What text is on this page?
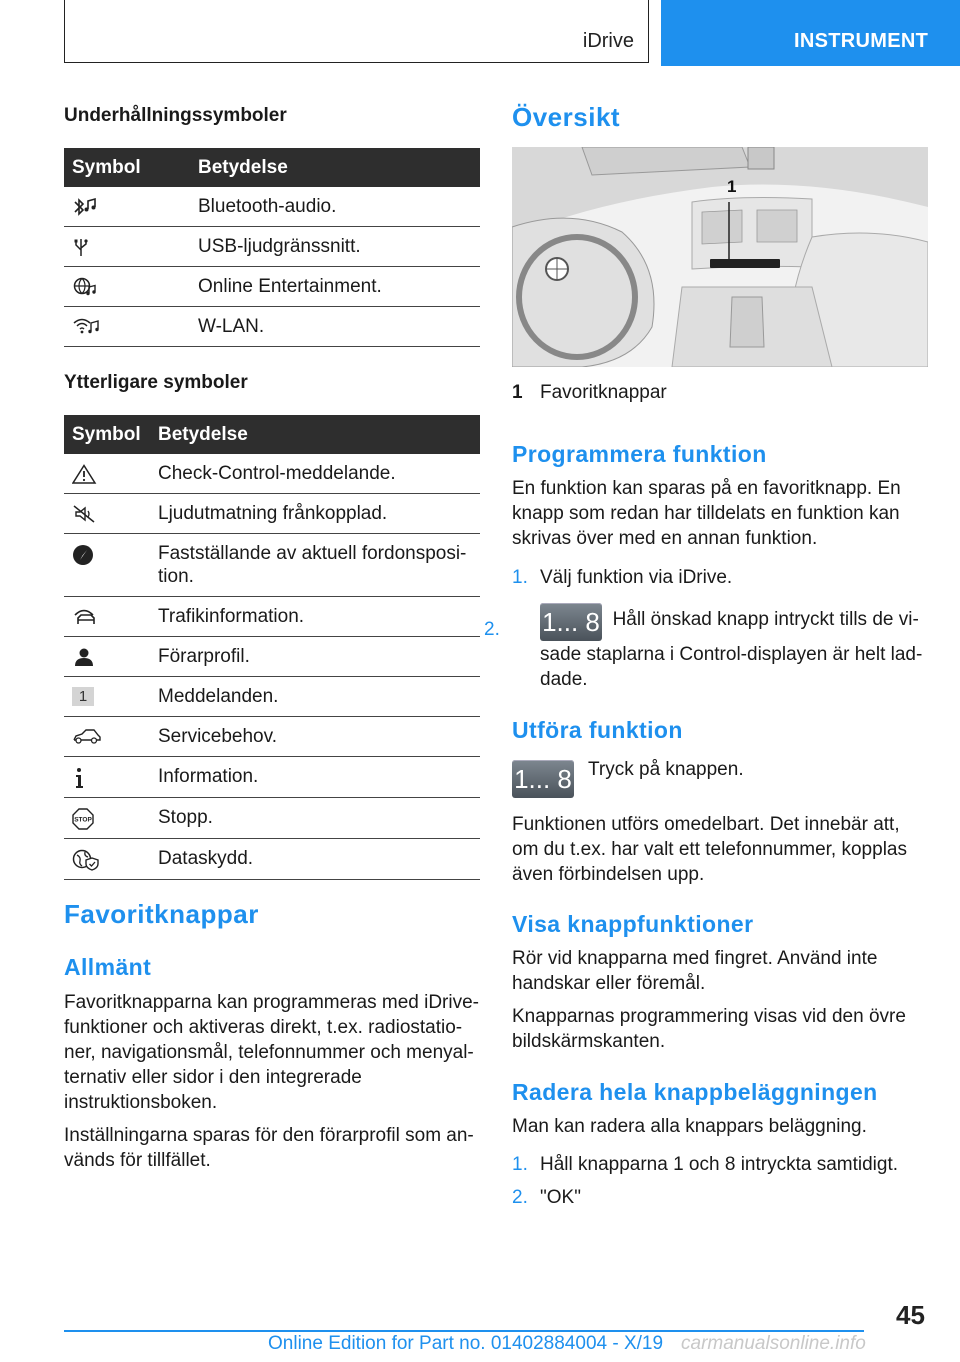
iDrive	INSTRUMENT
Underhållningssymboler
Symbol	Betydelse

	Bluetooth-audio.

	USB-ljudgränssnitt.

	Online Entertainment.

	W-LAN.
Ytterligare symboler
Symbol	Betydelse

	Check-Control-meddelande.

	Ljudutmatning frånkopplad.

	Fastställande av aktuell fordonsposi‐
tion.

	Trafikinformation.

	Förarprofil.

1	Meddelanden.

	Servicebehov.

	Information.

STOP	Stopp.

	Dataskydd.
Favoritknappar
Allmänt
Favoritknapparna kan programmeras med iDrive-funktioner och aktiveras direkt, t.ex. radiostatio‐ner, navigationsmål, telefonnummer och menyal‐ternativ eller sidor i den integrerade instruktionsboken.
Inställningarna sparas för den förarprofil som an‐vänds för tillfället.
Översikt
1
1 Favoritknappar
Programmera funktion
En funktion kan sparas på en favoritknapp. En knapp som redan har tilldelats en funktion kan skrivas över med en annan funktion.
1. Välj funktion via iDrive.
2. 1... 8 Håll önskad knapp intryckt tills de vi‐sade staplarna i Control-displayen är helt lad‐dade.
Utföra funktion
1... 8 Tryck på knappen.
Funktionen utförs omedelbart. Det innebär att, om du t.ex. har valt ett telefonnummer, kopplas även förbindelsen upp.
Visa knappfunktioner
Rör vid knapparna med fingret. Använd inte handskar eller föremål.
Knapparnas programmering visas vid den övre bildskärmskanten.
Radera hela knappbeläggningen
Man kan radera alla knappars beläggning.
1. Håll knapparna 1 och 8 intryckta samtidigt.
2. "OK"
45
Online Edition for Part no. 01402884004 - X/19 carmanualsonline.info
